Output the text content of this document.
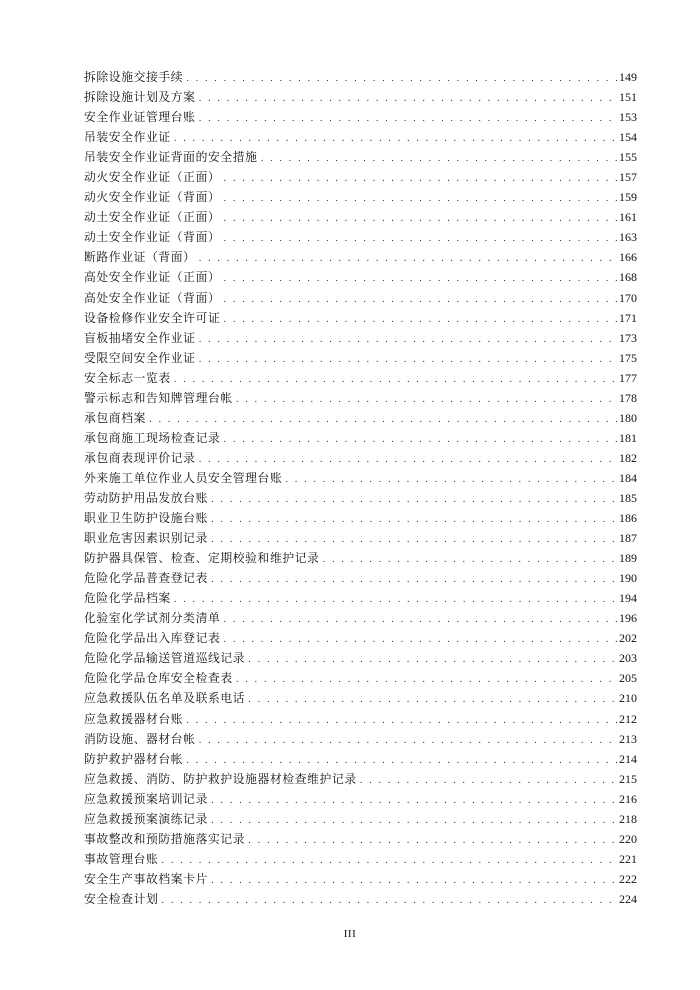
拆除设施交接手续 . . .	149
拆除设施计划及方案 . . .	151
安全作业证管理台账 . . .	153
吊装安全作业证 . . .	154
吊装安全作业证背面的安全措施 . . .	155
动火安全作业证（正面） . . .	157
动火安全作业证（背面） . . .	159
动土安全作业证（正面） . . .	161
动土安全作业证（背面） . . .	163
断路作业证（背面） . . .	166
高处安全作业证（正面） . . .	168
高处安全作业证（背面） . . .	170
设备检修作业安全许可证 . . .	171
盲板抽堵安全作业证 . . .	173
受限空间安全作业证 . . .	175
安全标志一览表 . . .	177
警示标志和告知牌管理台帐 . . .	178
承包商档案 . . .	180
承包商施工现场检查记录 . . .	181
承包商表现评价记录 . . .	182
外来施工单位作业人员安全管理台账 . . .	184
劳动防护用品发放台账 . . .	185
职业卫生防护设施台账 . . .	186
职业危害因素识别记录 . . .	187
防护器具保管、检查、定期校验和维护记录 . . .	189
危险化学品普查登记表 . . .	190
危险化学品档案 . . .	194
化验室化学试剂分类清单 . . .	196
危险化学品出入库登记表 . . .	202
危险化学品输送管道巡线记录 . . .	203
危险化学品仓库安全检查表 . . .	205
应急救援队伍名单及联系电话 . . .	210
应急救援器材台账 . . .	212
消防设施、器材台帐 . . .	213
防护救护器材台帐 . . .	214
应急救援、消防、防护救护设施器材检查维护记录 . . .	215
应急救援预案培训记录 . . .	216
应急救援预案演练记录 . . .	218
事故整改和预防措施落实记录 . . .	220
事故管理台账 . . .	221
安全生产事故档案卡片 . . .	222
安全检查计划 . . .	224
III
